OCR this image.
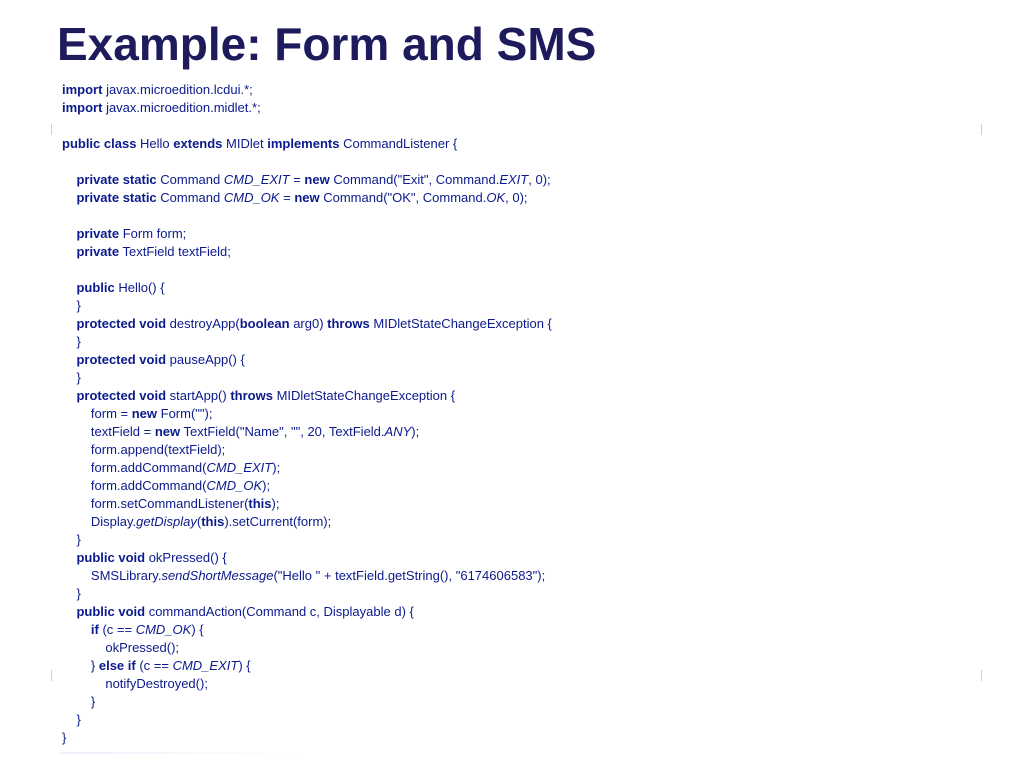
Example: Form and SMS
import javax.microedition.lcdui.*;
import javax.microedition.midlet.*;
public class Hello extends MIDlet implements CommandListener {
private static Command CMD_EXIT = new Command("Exit", Command.EXIT, 0);
private static Command CMD_OK = new Command("OK", Command.OK, 0);
private Form form;
private TextField textField;
public Hello() {
}
protected void destroyApp(boolean arg0) throws MIDletStateChangeException {
}
protected void pauseApp() {
}
protected void startApp() throws MIDletStateChangeException {
form = new Form("");
textField = new TextField("Name", "", 20, TextField.ANY);
form.append(textField);
form.addCommand(CMD_EXIT);
form.addCommand(CMD_OK);
form.setCommandListener(this);
Display.getDisplay(this).setCurrent(form);
}
public void okPressed() {
SMSLibrary.sendShortMessage("Hello " + textField.getString(), "6174606583");
}
public void commandAction(Command c, Displayable d) {
if (c == CMD_OK) {
okPressed();
} else if (c == CMD_EXIT) {
notifyDestroyed();
}
}
}
